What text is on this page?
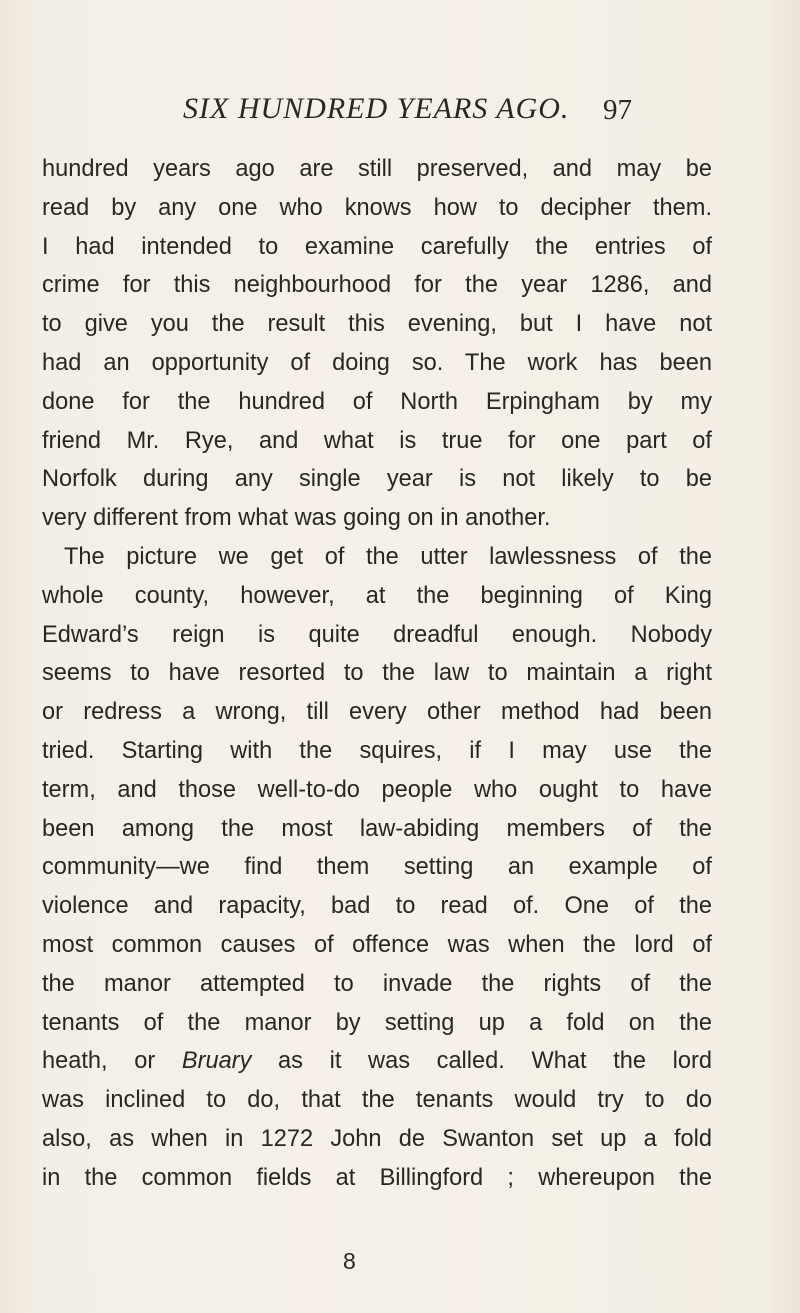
SIX HUNDRED YEARS AGO. 97
hundred years ago are still preserved, and may be
read by any one who knows how to decipher them.
I had intended to examine carefully the entries of
crime for this neighbourhood for the year 1286, and
to give you the result this evening, but I have not
had an opportunity of doing so. The work has been
done for the hundred of North Erpingham by my
friend Mr. Rye, and what is true for one part of
Norfolk during any single year is not likely to be
very different from what was going on in another.
The picture we get of the utter lawlessness of the
whole county, however, at the beginning of King
Edward’s reign is quite dreadful enough. Nobody
seems to have resorted to the law to maintain a right
or redress a wrong, till every other method had been
tried. Starting with the squires, if I may use the
term, and those well-to-do people who ought to have
been among the most law-abiding members of the
community—we find them setting an example of
violence and rapacity, bad to read of. One of the
most common causes of offence was when the lord of
the manor attempted to invade the rights of the
tenants of the manor by setting up a fold on the
heath, or Bruary as it was called. What the lord
was inclined to do, that the tenants would try to do
also, as when in 1272 John de Swanton set up a fold
in the common fields at Billingford ; whereupon the
8
